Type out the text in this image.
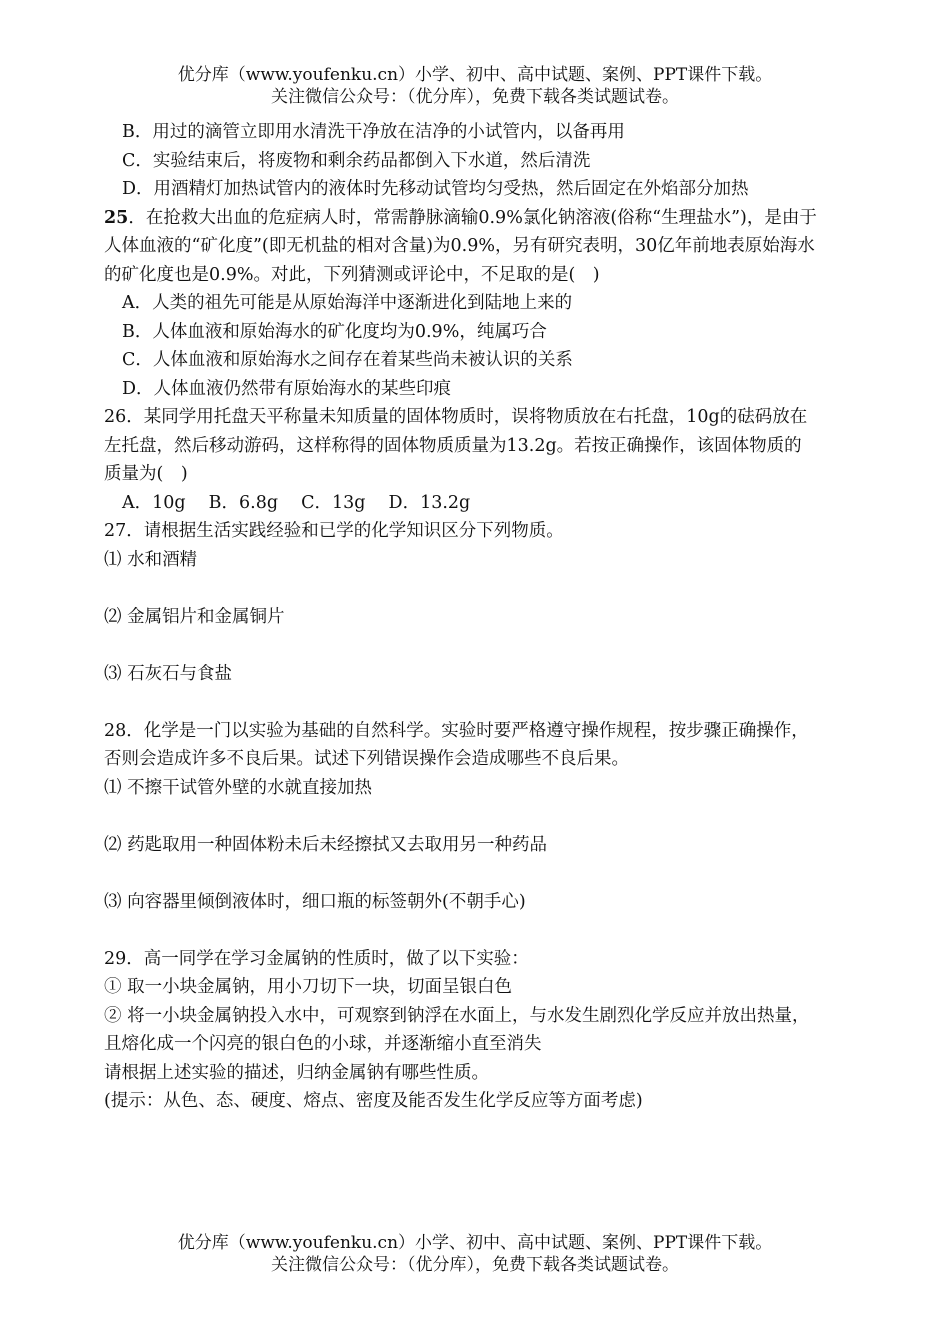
优分库（www.youfenku.cn）小学、初中、高中试题、案例、PPT课件下载。
关注微信公众号：（优分库），免费下载各类试题试卷。
B．用过的滴管立即用水清洗干净放在洁净的小试管内，以备再用
C．实验结束后，将废物和剩余药品都倒入下水道，然后清洗
D．用酒精灯加热试管内的液体时先移动试管均匀受热，然后固定在外焰部分加热
25．在抢救大出血的危症病人时，常需静脉滴输0.9%氯化钠溶液(俗称“生理盐水”)，是由于
人体血液的“矿化度”(即无机盐的相对含量)为0.9%，另有研究表明，30亿年前地表原始海水
的矿化度也是0.9%。对此，下列猜测或评论中，不足取的是(　)
A．人类的祖先可能是从原始海洋中逐渐进化到陆地上来的
B．人体血液和原始海水的矿化度均为0.9%，纯属巧合
C．人体血液和原始海水之间存在着某些尚未被认识的关系
D．人体血液仍然带有原始海水的某些印痕
26．某同学用托盘天平称量未知质量的固体物质时，误将物质放在右托盘，10g的砝码放在
左托盘，然后移动游码，这样称得的固体物质质量为13.2g。若按正确操作，该固体物质的
质量为(　)
A．10g　 B．6.8g　 C．13g　 D．13.2g
27．请根据生活实践经验和已学的化学知识区分下列物质。
⑴ 水和酒精
⑵ 金属铝片和金属铜片
⑶ 石灰石与食盐
28．化学是一门以实验为基础的自然科学。实验时要严格遵守操作规程，按步骤正确操作，
否则会造成许多不良后果。试述下列错误操作会造成哪些不良后果。
⑴ 不擦干试管外壁的水就直接加热
⑵ 药匙取用一种固体粉未后未经擦拭又去取用另一种药品
⑶ 向容器里倾倒液体时，细口瓶的标签朝外(不朝手心)
29．高一同学在学习金属钠的性质时，做了以下实验：
① 取一小块金属钠，用小刀切下一块，切面呈银白色
② 将一小块金属钠投入水中，可观察到钠浮在水面上，与水发生剧烈化学反应并放出热量，
且熔化成一个闪亮的银白色的小球，并逐渐缩小直至消失
请根据上述实验的描述，归纳金属钠有哪些性质。
(提示：从色、态、硬度、熔点、密度及能否发生化学反应等方面考虑)
优分库（www.youfenku.cn）小学、初中、高中试题、案例、PPT课件下载。
关注微信公众号：（优分库），免费下载各类试题试卷。
